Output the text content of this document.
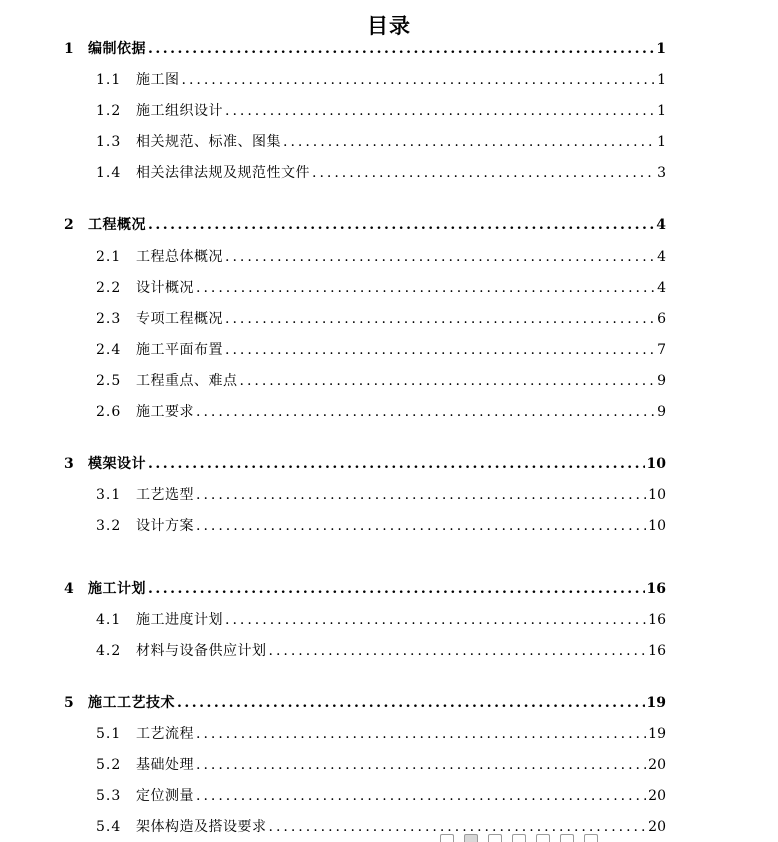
目录
1	编制依据 .....	1
1.1	施工图 .....	1
1.2	施工组织设计 .....	1
1.3	相关规范、标准、图集 .....	1
1.4	相关法律法规及规范性文件 .....	3
2	工程概况 .....	4
2.1	工程总体概况 .....	4
2.2	设计概况 .....	4
2.3	专项工程概况 .....	6
2.4	施工平面布置 .....	7
2.5	工程重点、难点 .....	9
2.6	施工要求 .....	9
3	模架设计 .....	10
3.1	工艺选型 .....	10
3.2	设计方案 .....	10
4	施工计划 .....	16
4.1	施工进度计划 .....	16
4.2	材料与设备供应计划 .....	16
5	施工工艺技术 .....	19
5.1	工艺流程 .....	19
5.2	基础处理 .....	20
5.3	定位测量 .....	20
5.4	架体构造及搭设要求 .....	20
